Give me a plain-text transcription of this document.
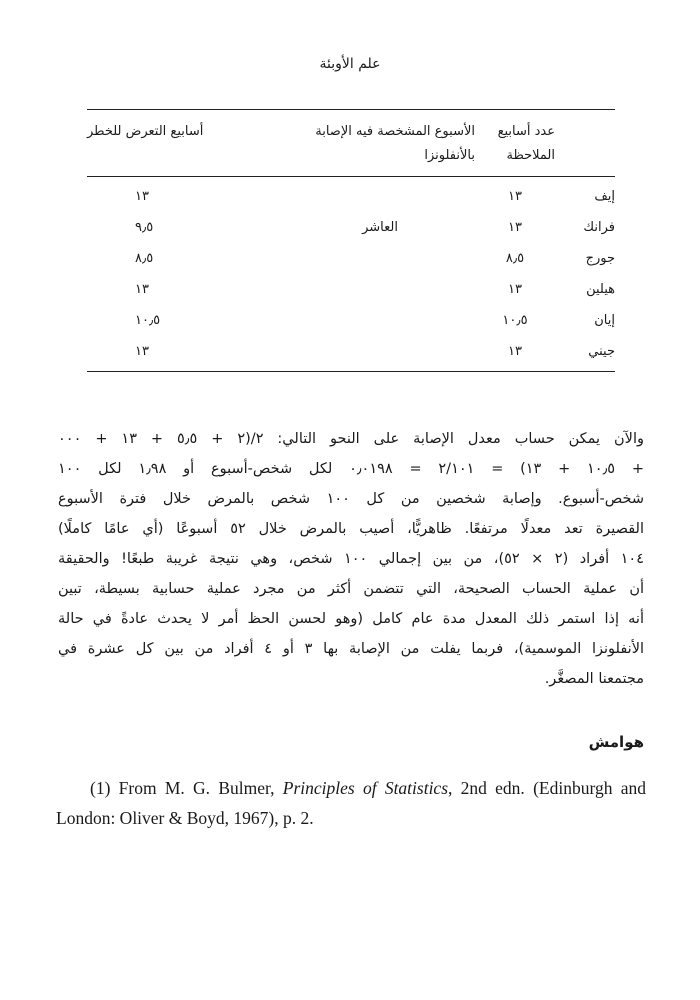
علم الأوبئة
	عدد أسابيع الملاحظة	الأسبوع المشخصة فيه الإصابة
بالأنفلونزا	أسابيع التعرض للخطر
إيف	١٣		١٣
فرانك	١٣	العاشر	٩٫٥
جورج	٨٫٥		٨٫٥
هيلين	١٣		١٣
إيان	١٠٫٥		١٠٫٥
جيني	١٣		١٣
والآن يمكن حساب معدل الإصابة على النحو التالي: ٢/(٢ + ٥٫٥ + ١٣ + ٠٠٠
+ ١٠٫٥ + ١٣) = ٢/١٠١ = ٠٫٠١٩٨ لكل شخص-أسبوع أو ١٫٩٨ لكل ١٠٠
شخص-أسبوع. وإصابة شخصين من كل ١٠٠ شخص بالمرض خلال فترة الأسبوع
القصيرة تعد معدلًا مرتفعًا. ظاهريًّا، أصيب بالمرض خلال ٥٢ أسبوعًا (أي عامًا كاملًا)
١٠٤ أفراد (٢ × ٥٢)، من بين إجمالي ١٠٠ شخص، وهي نتيجة غريبة طبعًا! والحقيقة
أن عملية الحساب الصحيحة، التي تتضمن أكثر من مجرد عملية حسابية بسيطة، تبين
أنه إذا استمر ذلك المعدل مدة عام كامل (وهو لحسن الحظ أمر لا يحدث عادةً في حالة
الأنفلونزا الموسمية)، فربما يفلت من الإصابة بها ٣ أو ٤ أفراد من بين كل عشرة في
مجتمعنا المصغَّر.
هوامش
(1) From M. G. Bulmer, Principles of Statistics, 2nd edn. (Edinburgh and London: Oliver & Boyd, 1967), p. 2.
